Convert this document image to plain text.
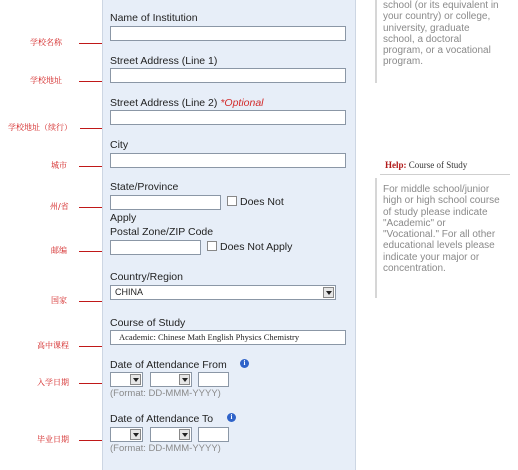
学校名称
学校地址
学校地址（续行）
城市
州/省
邮编
国家
高中课程
入学日期
毕业日期
Name of Institution
Street Address (Line 1)
Street Address (Line 2) *Optional
City
State/Province
Does Not
Apply
Postal Zone/ZIP Code
Does Not Apply
Country/Region
CHINA
Course of Study
Academic: Chinese Math English Physics Chemistry
Date of Attendance From	i
(Format: DD-MMM-YYYY)
Date of Attendance To	i
(Format: DD-MMM-YYYY)
school (or its equivalent in your country) or college, university, graduate school, a doctoral program, or a vocational program.
Help: Course of Study
For middle school/junior high or high school course of study please indicate "Academic" or "Vocational." For all other educational levels please indicate your major or concentration.
